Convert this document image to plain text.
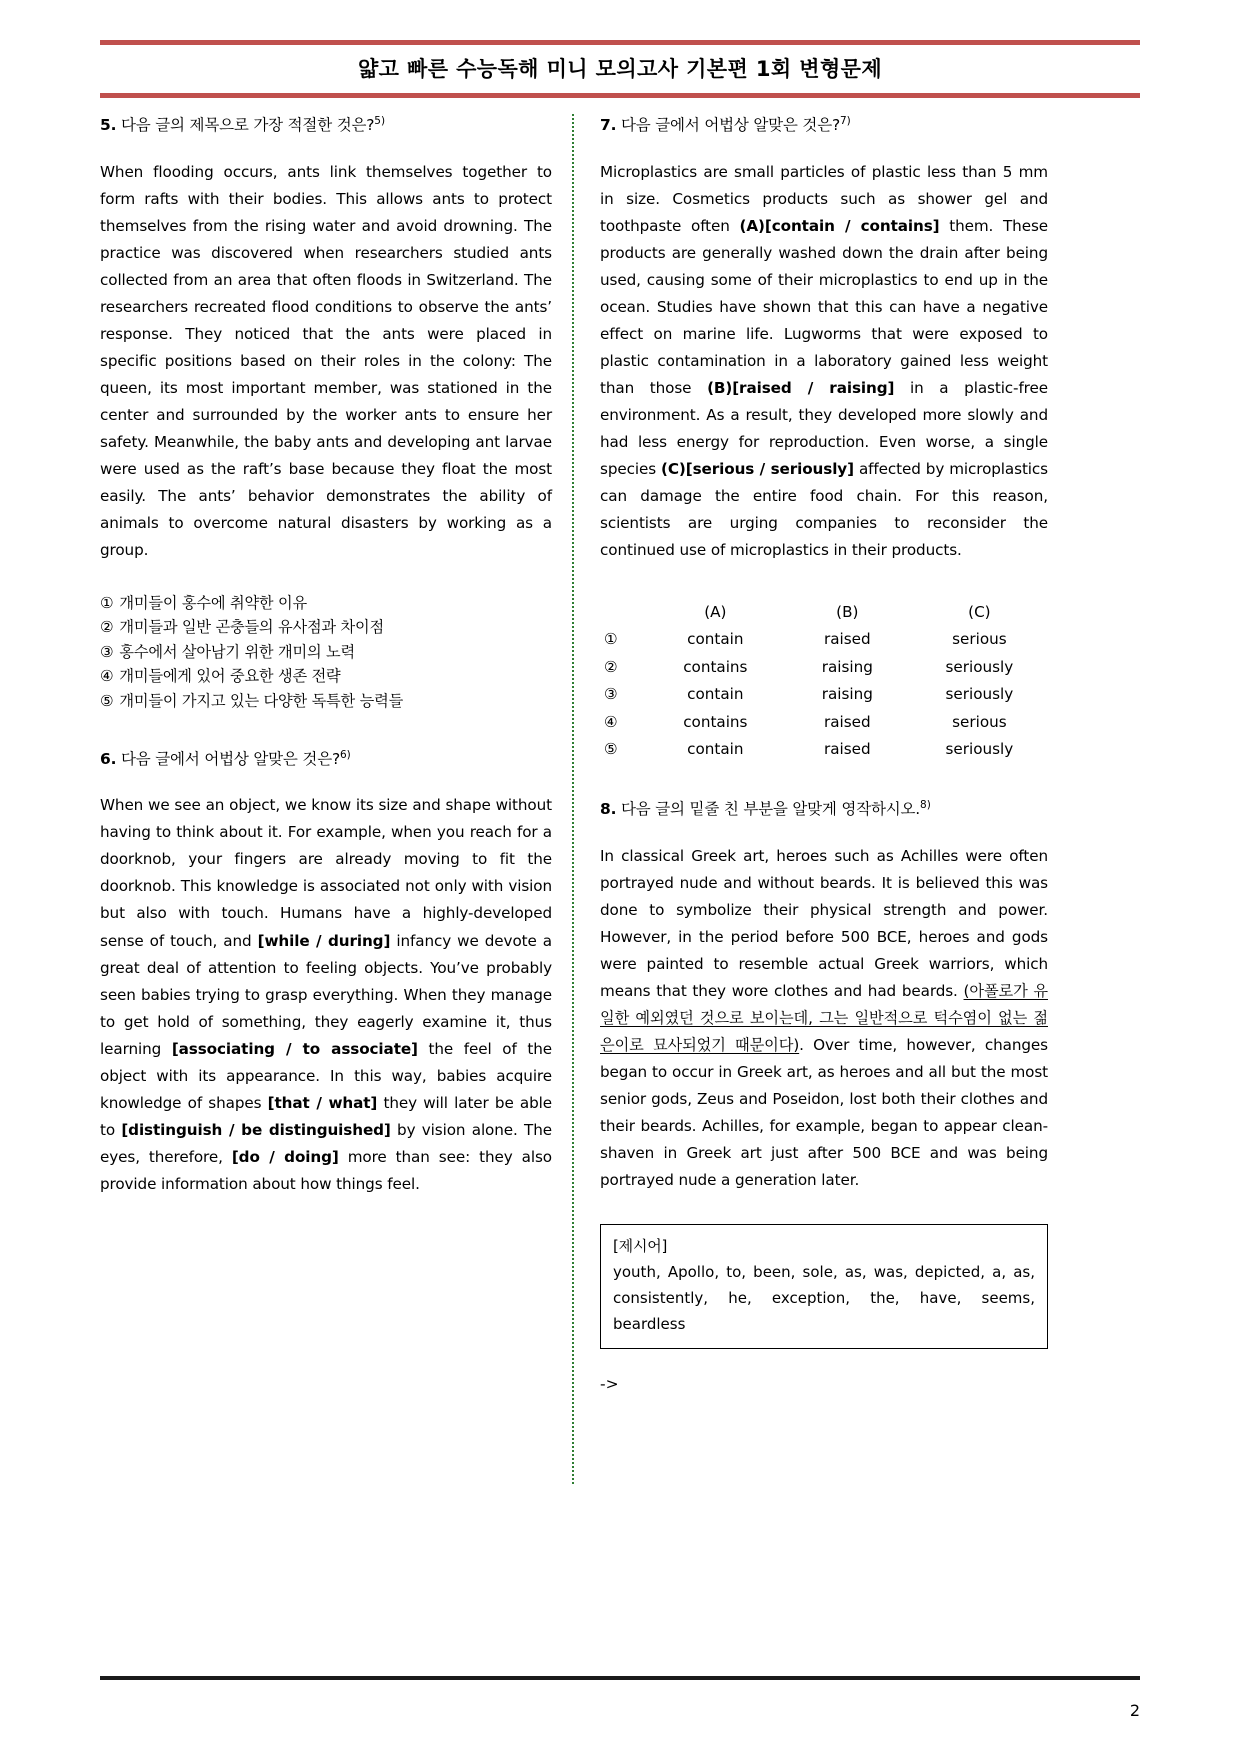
얇고 빠른 수능독해 미니 모의고사 기본편 1회 변형문제
5. 다음 글의 제목으로 가장 적절한 것은?$^{5)}$

When flooding occurs, ants link themselves together to form rafts with their bodies. This allows ants to protect themselves from the rising water and avoid drowning. The practice was discovered when researchers studied ants collected from an area that often floods in Switzerland. The researchers recreated flood conditions to observe the ants’ response. They noticed that the ants were placed in specific positions based on their roles in the colony: The queen, its most important member, was stationed in the center and surrounded by the worker ants to ensure her safety. Meanwhile, the baby ants and developing ant larvae were used as the raft’s base because they float the most easily. The ants’ behavior demonstrates the ability of animals to overcome natural disasters by working as a group.

① 개미들이 홍수에 취약한 이유
② 개미들과 일반 곤충들의 유사점과 차이점
③ 홍수에서 살아남기 위한 개미의 노력
④ 개미들에게 있어 중요한 생존 전략
⑤ 개미들이 가지고 있는 다양한 독특한 능력들
6. 다음 글에서 어법상 알맞은 것은?$^{6)}$

When we see an object, we know its size and shape without having to think about it. For example, when you reach for a doorknob, your fingers are already moving to fit the doorknob. This knowledge is associated not only with vision but also with touch. Humans have a highly-developed sense of touch, and [while / during] infancy we devote a great deal of attention to feeling objects. You’ve probably seen babies trying to grasp everything. When they manage to get hold of something, they eagerly examine it, thus learning [associating / to associate] the feel of the object with its appearance. In this way, babies acquire knowledge of shapes [that / what] they will later be able to [distinguish / be distinguished] by vision alone. The eyes, therefore, [do / doing] more than see: they also provide information about how things feel.

7. 다음 글에서 어법상 알맞은 것은?$^{7)}$

Microplastics are small particles of plastic less than 5 mm in size. Cosmetics products such as shower gel and toothpaste often (A)[contain / contains] them. These products are generally washed down the drain after being used, causing some of their microplastics to end up in the ocean. Studies have shown that this can have a negative effect on marine life. Lugworms that were exposed to plastic contamination in a laboratory gained less weight than those (B)[raised / raising] in a plastic-free environment. As a result, they developed more slowly and had less energy for reproduction. Even worse, a single species (C)[serious / seriously] affected by microplastics can damage the entire food chain. For this reason, scientists are urging companies to reconsider the continued use of microplastics in their products.

	(A)	(B)	(C)
①	contain	raised	serious
②	contains	raising	seriously
③	contain	raising	seriously
④	contains	raised	serious
⑤	contain	raised	seriously
8. 다음 글의 밑줄 친 부분을 알맞게 영작하시오.$^{8)}$

In classical Greek art, heroes such as Achilles were often portrayed nude and without beards. It is believed this was done to symbolize their physical strength and power. However, in the period before 500 BCE, heroes and gods were painted to resemble actual Greek warriors, which means that they wore clothes and had beards. (아폴로가 유일한 예외였던 것으로 보이는데, 그는 일반적으로 턱수염이 없는 젊은이로 묘사되었기 때문이다). Over time, however, changes began to occur in Greek art, as heroes and all but the most senior gods, Zeus and Poseidon, lost both their clothes and their beards. Achilles, for example, began to appear clean-shaven in Greek art just after 500 BCE and was being portrayed nude a generation later.

[제시어]
youth, Apollo, to, been, sole, as, was, depicted, a, as, consistently, he, exception, the, have, seems, beardless
->
2
